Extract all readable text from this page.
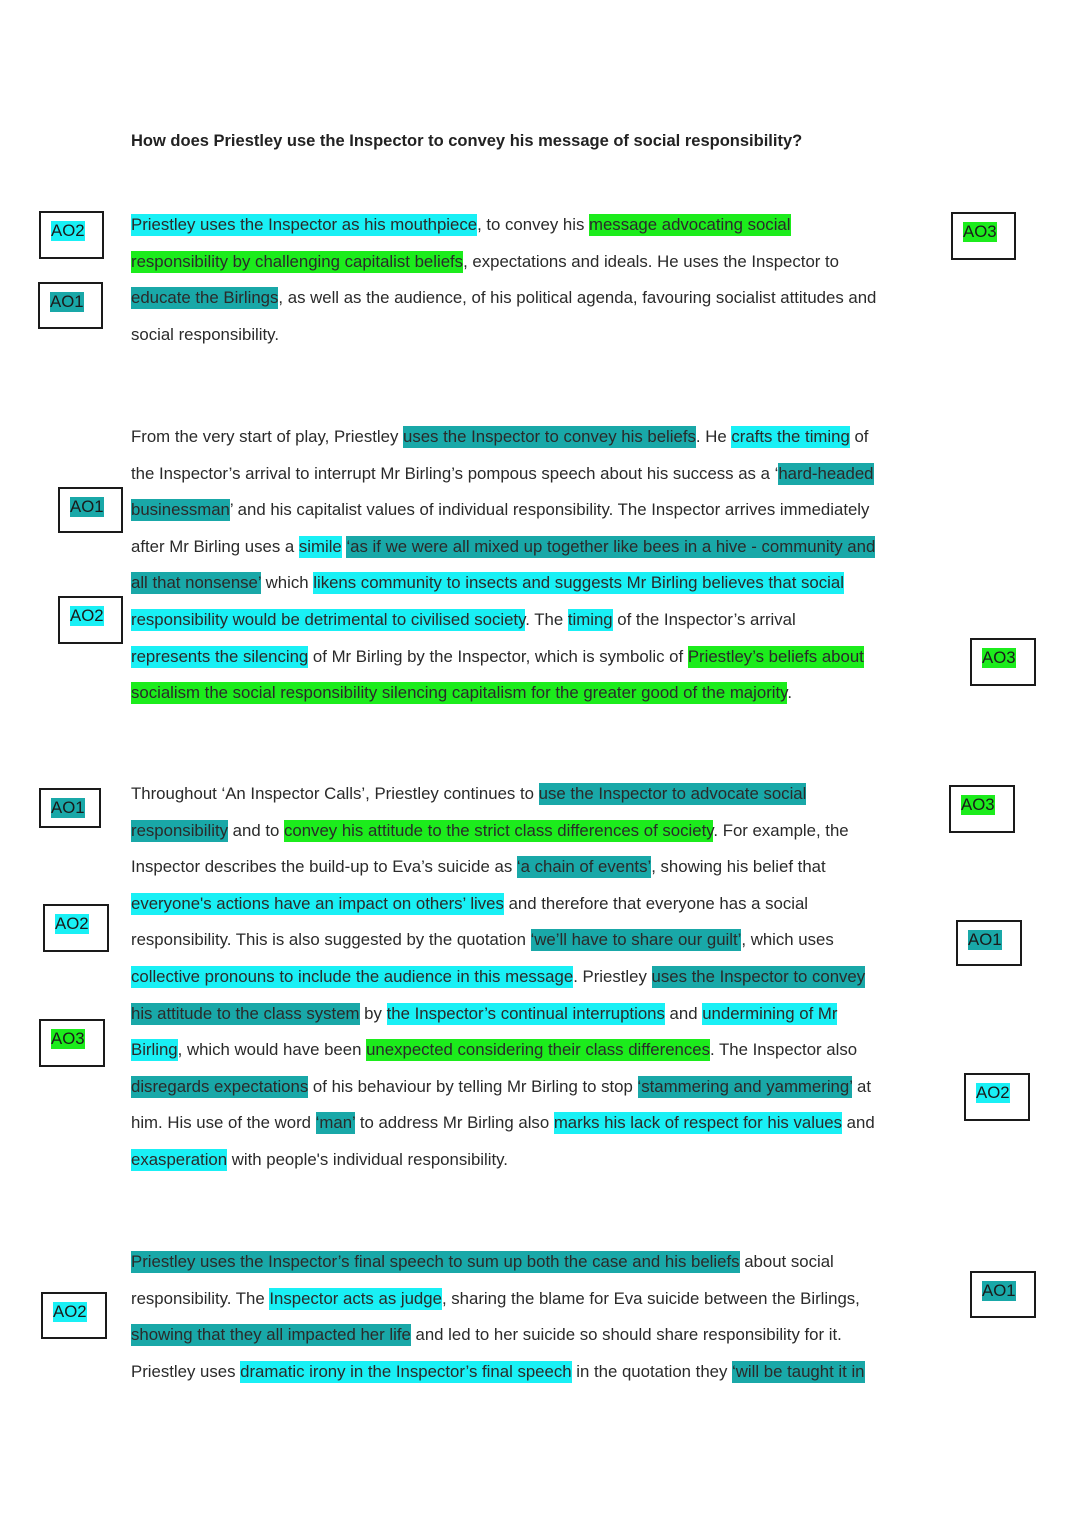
How does Priestley use the Inspector to convey his message of social responsibility?
Priestley uses the Inspector as his mouthpiece, to convey his message advocating social
responsibility by challenging capitalist beliefs, expectations and ideals. He uses the Inspector to
educate the Birlings, as well as the audience, of his political agenda, favouring socialist attitudes and
social responsibility.
From the very start of play, Priestley uses the Inspector to convey his beliefs. He crafts the timing of
the Inspector’s arrival to interrupt Mr Birling’s pompous speech about his success as a ‘hard-headed
businessman’ and his capitalist values of individual responsibility. The Inspector arrives immediately
after Mr Birling uses a simile ‘as if we were all mixed up together like bees in a hive - community and
all that nonsense’ which likens community to insects and suggests Mr Birling believes that social
responsibility would be detrimental to civilised society. The timing of the Inspector’s arrival
represents the silencing of Mr Birling by the Inspector, which is symbolic of Priestley’s beliefs about
socialism the social responsibility silencing capitalism for the greater good of the majority.
Throughout ‘An Inspector Calls’, Priestley continues to use the Inspector to advocate social
responsibility and to convey his attitude to the strict class differences of society. For example, the
Inspector describes the build-up to Eva’s suicide as ‘a chain of events’, showing his belief that
everyone's actions have an impact on others’ lives and therefore that everyone has a social
responsibility. This is also suggested by the quotation ‘we’ll have to share our guilt’, which uses
collective pronouns to include the audience in this message. Priestley uses the Inspector to convey
his attitude to the class system by the Inspector’s continual interruptions and undermining of Mr
Birling, which would have been unexpected considering their class differences. The Inspector also
disregards expectations of his behaviour by telling Mr Birling to stop ‘stammering and yammering’ at
him. His use of the word ‘man’ to address Mr Birling also marks his lack of respect for his values and
exasperation with people's individual responsibility.
Priestley uses the Inspector’s final speech to sum up both the case and his beliefs about social
responsibility. The Inspector acts as judge, sharing the blame for Eva suicide between the Birlings,
showing that they all impacted her life and led to her suicide so should share responsibility for it.
Priestley uses dramatic irony in the Inspector’s final speech in the quotation they ‘will be taught it in
AO2
AO1
AO3
AO1
AO2
AO3
AO1	AO3
AO2
AO1
AO3
AO2
AO1
AO2
